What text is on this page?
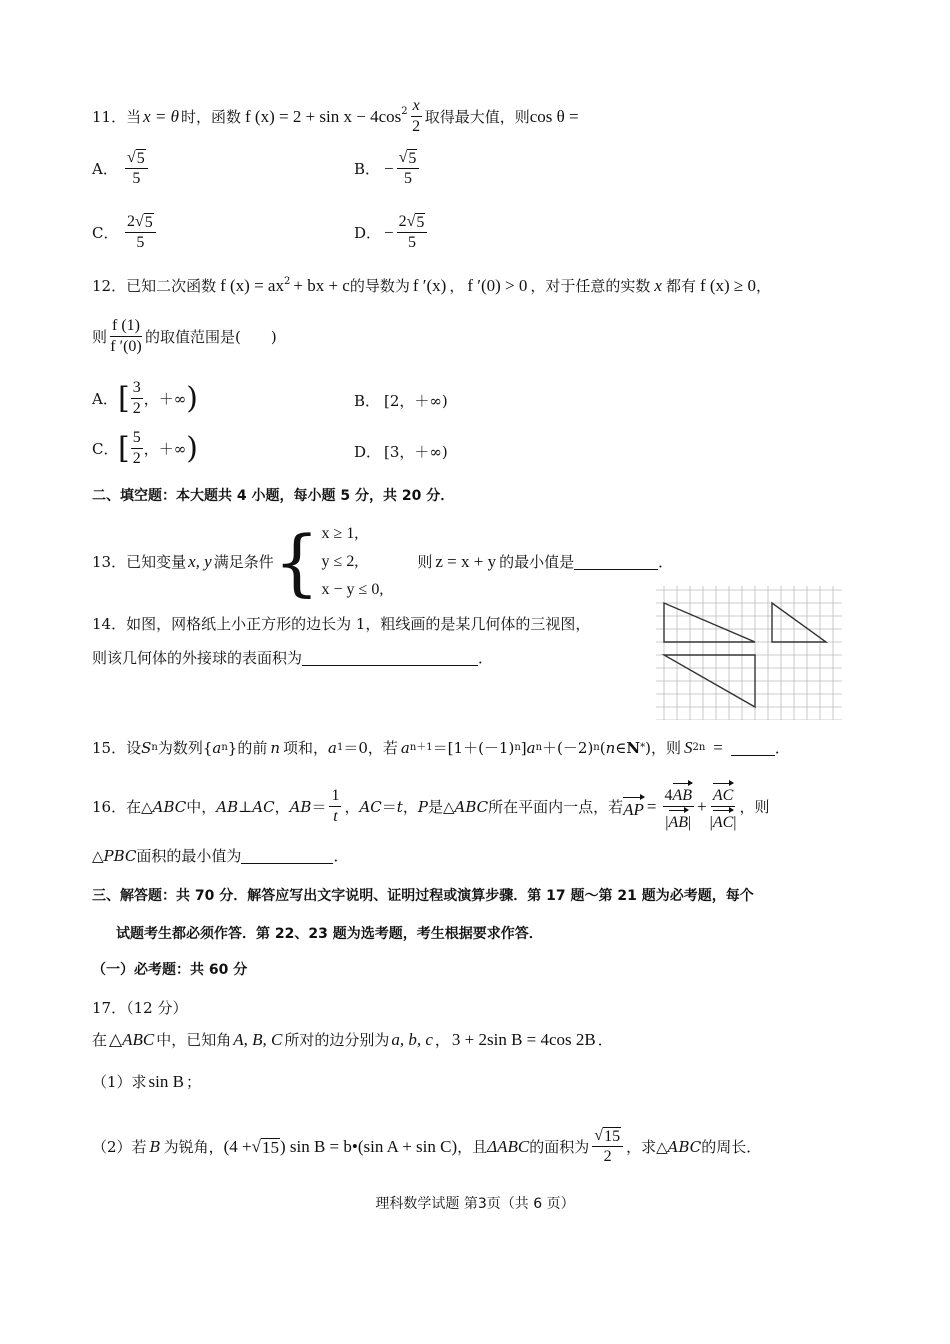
11． 当 x = θ 时，函数 f $(x) = 2 + \sin x - 4\cos^2 \frac{x}{2}$ 取得最大值，则 cos θ =
A． $\frac{√ 5}{5}$	B． − $\frac{√ 5}{5}$
C． $\frac{2 √ 5}{5}$	D． − $\frac{2 √ 5}{5}$
12． 已知二次函数 f $(x) = ax^2$ + bx + c 的导数为 f ′(x) ， f ′(0) > 0 ，对于任意的实数 x 都有 f (x) ≥ 0 ，
则 $\frac{f (1)}{f '(0)}$ 的取值范围是(　　)
A． [ $\frac{3}{2}$ ，＋∞ )	B． [2，＋∞)
C． [ $\frac{5}{2}$ ，＋∞ )	D． [3，＋∞)
二、填空题：本大题共 4 小题，每小题 5 分，共 20 分．
13． 已知变量 x, y 满足条件 { x ≥ 1,
y ≤ 2,
x − y ≤ 0,
则 z = x + y 的最小值是	．
14． 如图，网格纸上小正方形的边长为 1，粗线画的是某几何体的三视图，
则该几何体的外接球的表面积为	．
15． 设 S n 为数列{ a n }的前 n 项和， a 1 ＝0，若 a n＋1 ＝[1＋(－1) n ] a n ＋(－2) n ( n ∈ N * )，则 S 2n =	．
16． 在△ ABC 中， AB ⊥ AC ， AB ＝ $\frac{1}{t}$ ， AC ＝ t ， P 是△ ABC 所在平面内一点，若 AP = $\frac{4AB}{|AB|} + \frac{AC}{|AC|}$ ，则
△ PBC 面积的最小值为	．
三、解答题：共 70 分．解答应写出文字说明、证明过程或演算步骤．第 17 题～第 21 题为必考题，每个
试题考生都必须作答．第 22、23 题为选考题，考生根据要求作答．
（一）必考题：共 60 分
17．（12 分）
在 △ABC 中，已知角 A, B, C 所对的边分别为 a, b, c ， 3 + 2sin B = 4cos 2B ．
（1）求 sin B ；
（2）若 B 为锐角， (4 + √ 15 ) sin B = b•(sin A + sin C) ，且 ΔABC 的面积为 $\frac{√ 15}{2}$ ，求△ ABC 的周长．
理科数学试题 第3页（共 6 页）
